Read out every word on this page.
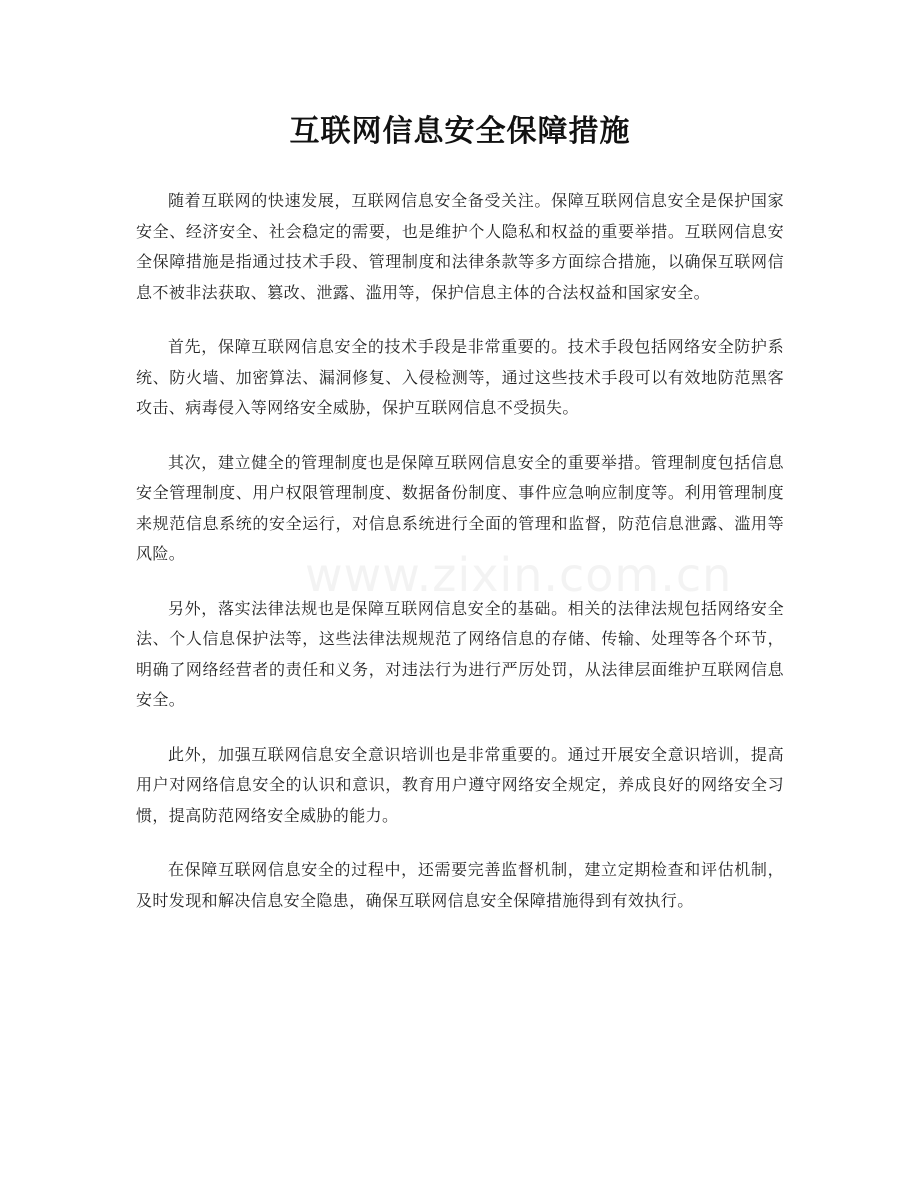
互联网信息安全保障措施

随着互联网的快速发展，互联网信息安全备受关注。保障互联网信息安全是保护国家安全、经济安全、社会稳定的需要，也是维护个人隐私和权益的重要举措。互联网信息安全保障措施是指通过技术手段、管理制度和法律条款等多方面综合措施，以确保互联网信息不被非法获取、篡改、泄露、滥用等，保护信息主体的合法权益和国家安全。

首先，保障互联网信息安全的技术手段是非常重要的。技术手段包括网络安全防护系统、防火墙、加密算法、漏洞修复、入侵检测等，通过这些技术手段可以有效地防范黑客攻击、病毒侵入等网络安全威胁，保护互联网信息不受损失。

其次，建立健全的管理制度也是保障互联网信息安全的重要举措。管理制度包括信息安全管理制度、用户权限管理制度、数据备份制度、事件应急响应制度等。利用管理制度来规范信息系统的安全运行，对信息系统进行全面的管理和监督，防范信息泄露、滥用等风险。

另外，落实法律法规也是保障互联网信息安全的基础。相关的法律法规包括网络安全法、个人信息保护法等，这些法律法规规范了网络信息的存储、传输、处理等各个环节，明确了网络经营者的责任和义务，对违法行为进行严厉处罚，从法律层面维护互联网信息安全。

此外，加强互联网信息安全意识培训也是非常重要的。通过开展安全意识培训，提高用户对网络信息安全的认识和意识，教育用户遵守网络安全规定，养成良好的网络安全习惯，提高防范网络安全威胁的能力。

在保障互联网信息安全的过程中，还需要完善监督机制，建立定期检查和评估机制，及时发现和解决信息安全隐患，确保互联网信息安全保障措施得到有效执行。

www.zixin.com.cn
